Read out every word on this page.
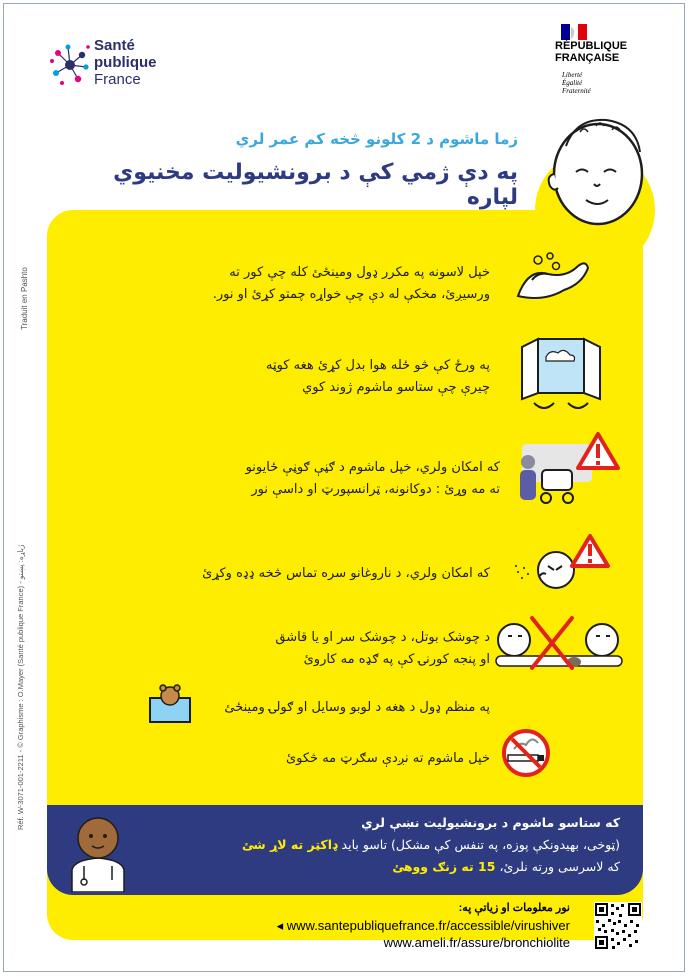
Santé
publique
France
RÉPUBLIQUE
FRANÇAISE
Liberté
Égalité
Fraternité
Traduit en Pashto
Réf. W-3071-001-2211 - © Graphisme : O.Mayer (Santé publique France) - ژباړه: پښتو
زما ماشوم د 2 کلونو څخه کم عمر لري
په دې ژمي کې د برونشیولیت مخنیوي لپاره
خپل لاسونه په مکرر ډول ومینځئ کله چې کور ته
ورسیږئ، مخکې له دې چې خواړه چمتو کړئ او نور.
په ورځ کې څو ځله هوا بدل کړئ هغه کوټه
چیرې چې ستاسو ماشوم ژوند کوي
که امکان ولري، خپل ماشوم د ګڼې ګوڼې ځایونو
ته مه وړئ : دوکانونه، ټرانسپورټ او داسې نور
که امکان ولري، د ناروغانو سره تماس څخه ډډه وکړئ
د چوشک بوتل، د چوشک سر او یا قاشق
او پنجه کورنۍ کې په ګډه مه کاروئ
په منظم ډول د هغه د لوبو وسایل او ګولۍ ومینځئ
خپل ماشوم ته نږدې سګرټ مه څکوئ
که ستاسو ماشوم د برونشیولیت نښې لري
(ټوخی، بهیدونکې پوزه، په تنفس کې مشکل) تاسو باید ډاکټر ته لاړ شئ
که لاسرسی ورته نلرئ، 15 ته زنګ ووهئ
نور معلومات او زیاتې په:
www.santepubliquefrance.fr/accessible/virushiver ◂
www.ameli.fr/assure/bronchiolite
